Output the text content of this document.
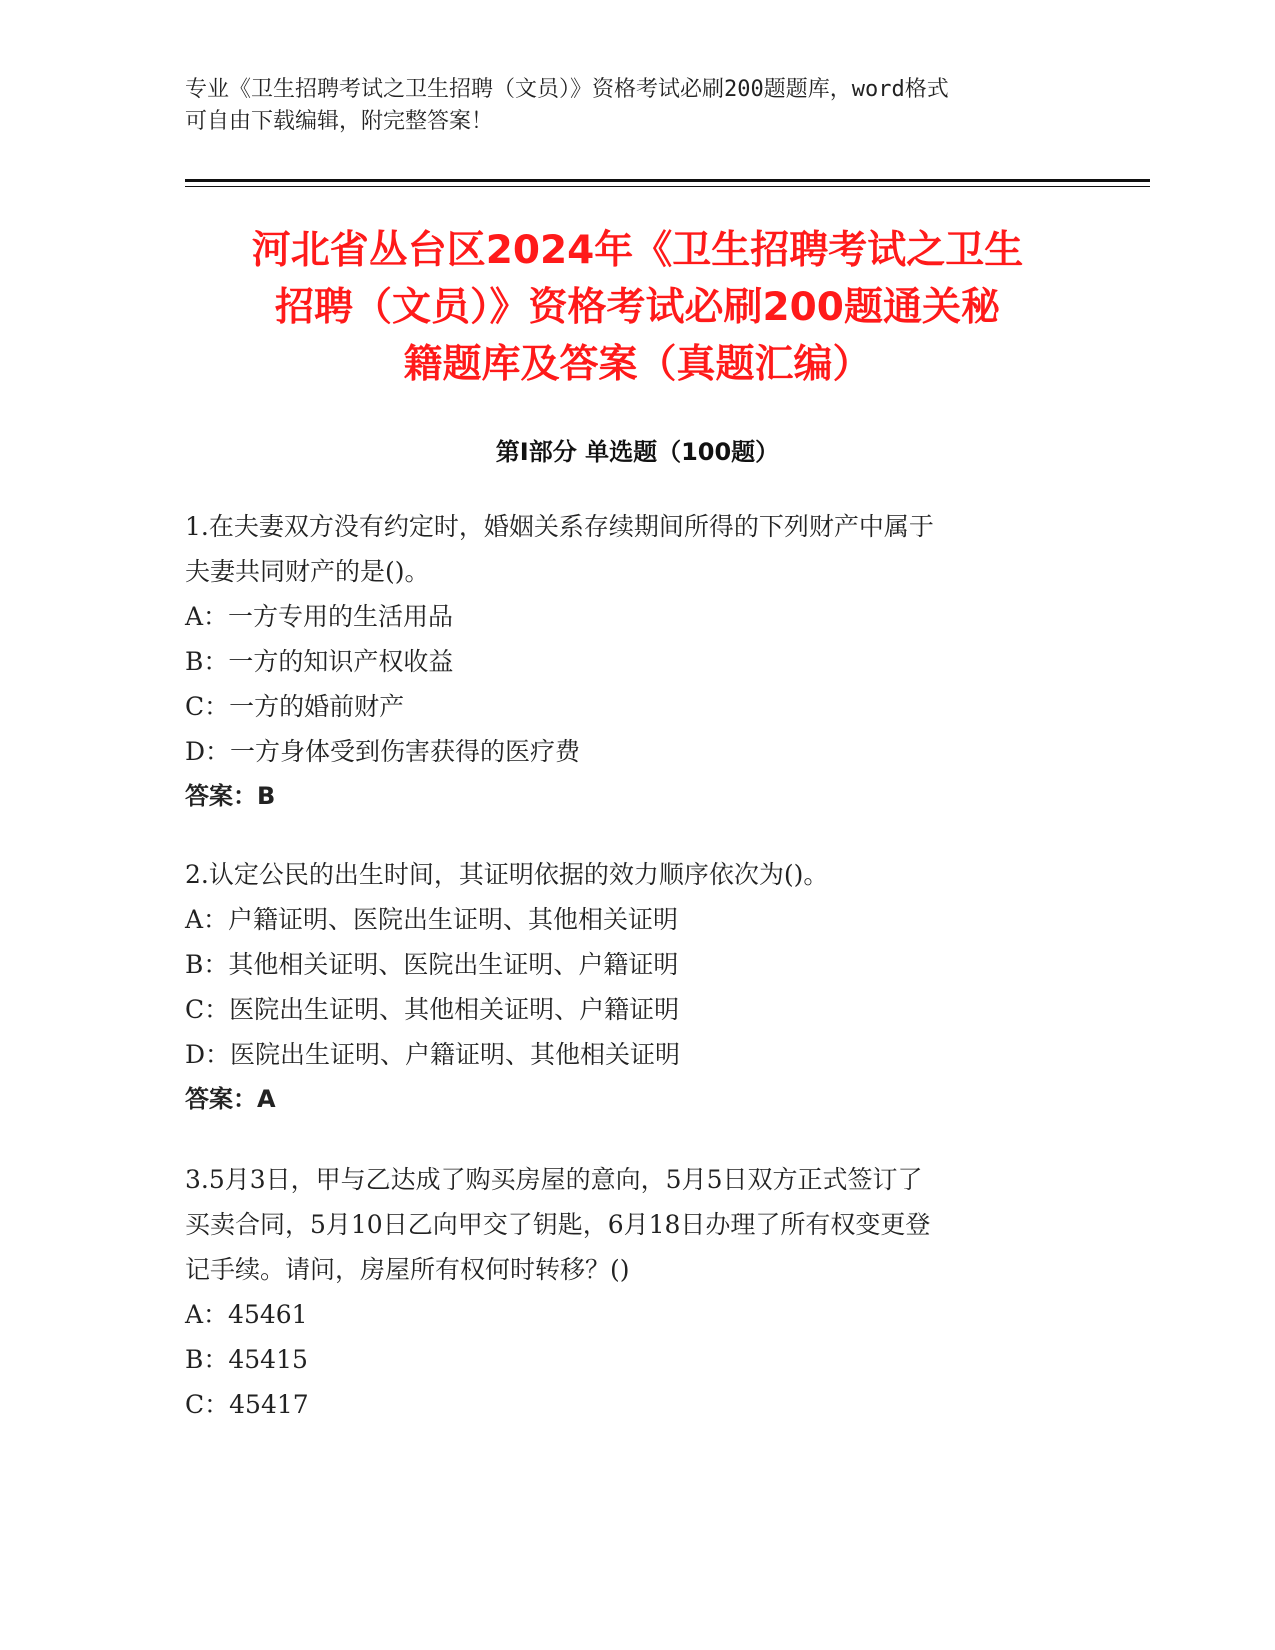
专业《卫生招聘考试之卫生招聘（文员）》资格考试必刷200题题库，word格式

可自由下载编辑，附完整答案！

河北省丛台区2024年《卫生招聘考试之卫生
招聘（文员）》资格考试必刷200题通关秘
籍题库及答案（真题汇编）
第Ⅰ部分 单选题（100题）

1.在夫妻双方没有约定时，婚姻关系存续期间所得的下列财产中属于

夫妻共同财产的是()。

A：一方专用的生活用品

B：一方的知识产权收益

C：一方的婚前财产

D：一方身体受到伤害获得的医疗费

答案：B

2.认定公民的出生时间，其证明依据的效力顺序依次为()。

A：户籍证明、医院出生证明、其他相关证明

B：其他相关证明、医院出生证明、户籍证明

C：医院出生证明、其他相关证明、户籍证明

D：医院出生证明、户籍证明、其他相关证明

答案：A

3.5月3日，甲与乙达成了购买房屋的意向，5月5日双方正式签订了

买卖合同，5月10日乙向甲交了钥匙，6月18日办理了所有权变更登

记手续。请问，房屋所有权何时转移？()

A：45461

B：45415

C：45417
